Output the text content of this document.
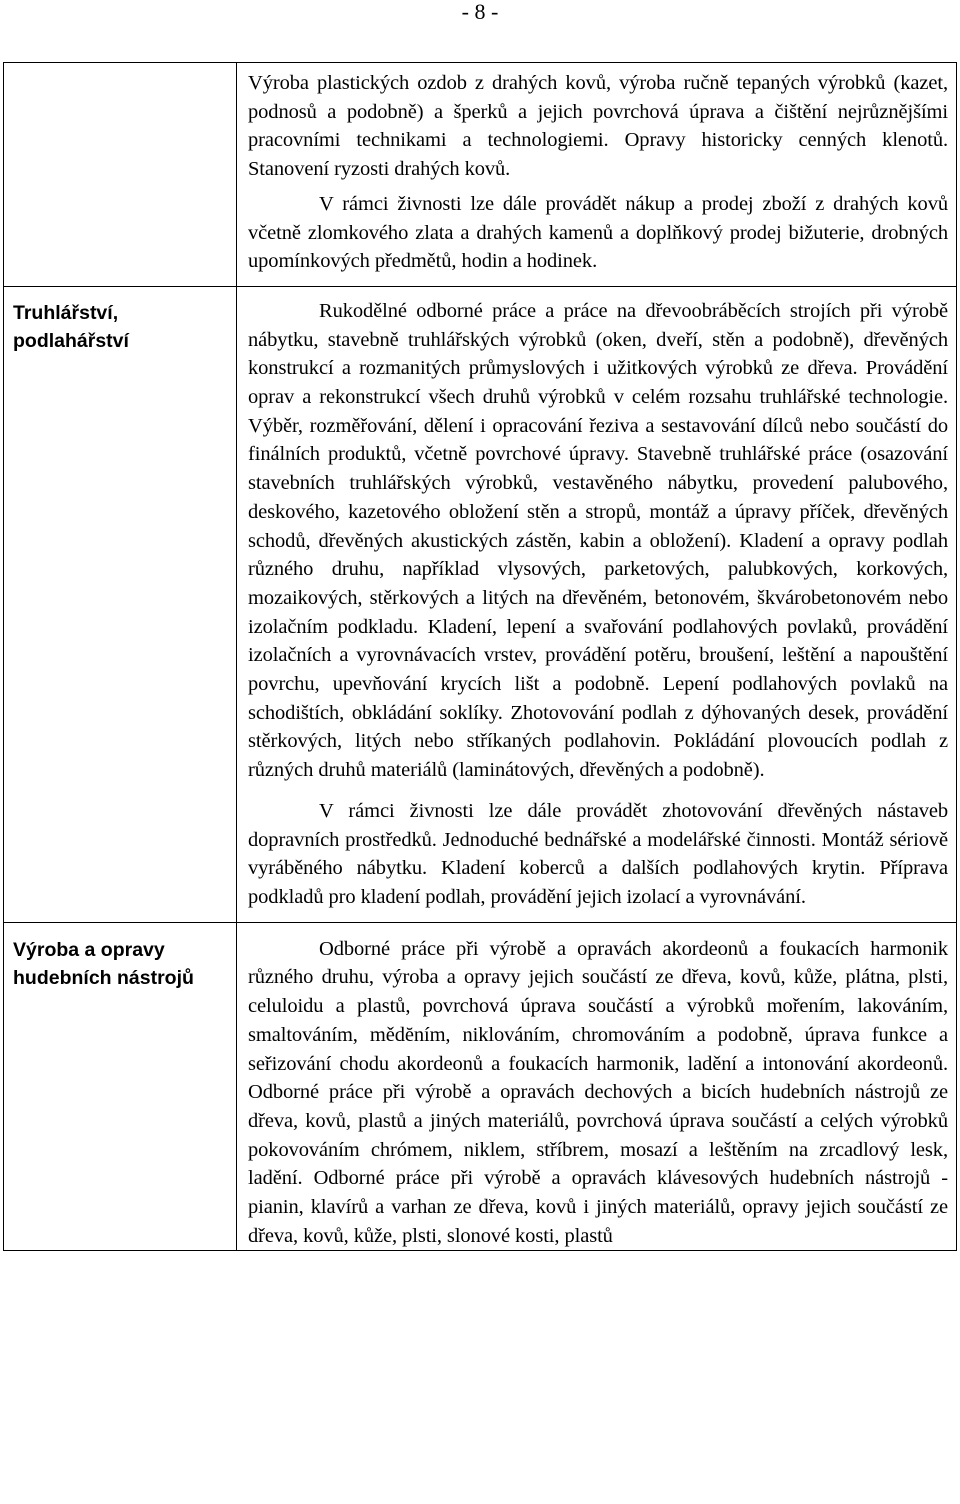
- 8 -

	Výroba plastických ozdob z drahých kovů, výroba ručně tepaných výrobků (kazet, podnosů a podobně) a šperků a jejich povrchová úprava a čištění nejrůznějšími pracovními technikami a technologiemi. Opravy historicky cenných klenotů. Stanovení ryzosti drahých kovů.

V rámci živnosti lze dále provádět nákup a prodej zboží z drahých kovů včetně zlomkového zlata a drahých kamenů a doplňkový prodej bižuterie, drobných upomínkových předmětů, hodin a hodinek.

Truhlářství, podlahářství	Rukodělné odborné práce a práce na dřevoobráběcích strojích při výrobě nábytku, stavebně truhlářských výrobků (oken, dveří, stěn a podobně), dřevěných konstrukcí a rozmanitých průmyslových i užitkových výrobků ze dřeva. Provádění oprav a rekonstrukcí všech druhů výrobků v celém rozsahu truhlářské technologie. Výběr, rozměřování, dělení i opracování řeziva a sestavování dílců nebo součástí do finálních produktů, včetně povrchové úpravy. Stavebně truhlářské práce (osazování stavebních truhlářských výrobků, vestavěného nábytku, provedení palubového, deskového, kazetového obložení stěn a stropů, montáž a úpravy příček, dřevěných schodů, dřevěných akustických zástěn, kabin a obložení). Kladení a opravy podlah různého druhu, například vlysových, parketových, palubkových, korkových, mozaikových, stěrkových a litých na dřevěném, betonovém, škvárobetonovém nebo izolačním podkladu. Kladení, lepení a svařování podlahových povlaků, provádění izolačních a vyrovnávacích vrstev, provádění potěru, broušení, leštění a napouštění povrchu, upevňování krycích lišt a podobně. Lepení podlahových povlaků na schodištích, obkládání soklíky. Zhotovování podlah z dýhovaných desek, provádění stěrkových, litých nebo stříkaných podlahovin. Pokládání plovoucích podlah z různých druhů materiálů (laminátových, dřevěných a podobně).

V rámci živnosti lze dále provádět zhotovování dřevěných nástaveb dopravních prostředků. Jednoduché bednářské a modelářské činnosti. Montáž sériově vyráběného nábytku. Kladení koberců a dalších podlahových krytin. Příprava podkladů pro kladení podlah, provádění jejich izolací a vyrovnávání.

Výroba a opravy hudebních nástrojů	Odborné práce při výrobě a opravách akordeonů a foukacích harmonik různého druhu, výroba a opravy jejich součástí ze dřeva, kovů, kůže, plátna, plsti, celuloidu a plastů, povrchová úprava součástí a výrobků mořením, lakováním, smaltováním, mědĕním, niklováním, chromováním a podobně, úprava funkce a seřizování chodu akordeonů a foukacích harmonik, ladění a intonování akordeonů. Odborné práce při výrobě a opravách dechových a bicích hudebních nástrojů ze dřeva, kovů, plastů a jiných materiálů, povrchová úprava součástí a celých výrobků pokovováním chrómem, niklem, stříbrem, mosazí a leštěním na zrcadlový lesk, ladění. Odborné práce při výrobě a opravách klávesových hudebních nástrojů - pianin, klavírů a varhan ze dřeva, kovů i jiných materiálů, opravy jejich součástí ze dřeva, kovů, kůže, plsti, slonové kosti, plastů
